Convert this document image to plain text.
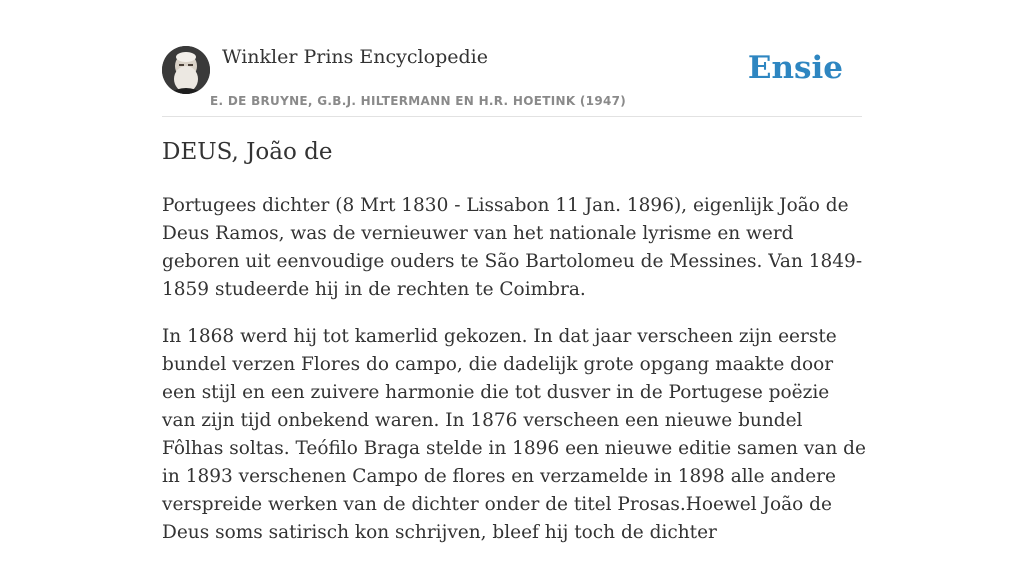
Winkler Prins Encyclopedie
E. DE BRUYNE, G.B.J. HILTERMANN EN H.R. HOETINK (1947)
Ensie
DEUS, João de

Portugees dichter (8 Mrt 1830 - Lissabon 11 Jan. 1896), eigenlijk João de Deus Ramos, was de vernieuwer van het nationale lyrisme en werd geboren uit eenvoudige ouders te São Bartolomeu de Messines. Van 1849-1859 studeerde hij in de rechten te Coimbra.

In 1868 werd hij tot kamerlid gekozen. In dat jaar verscheen zijn eerste bundel verzen Flores do campo, die dadelijk grote opgang maakte door een stijl en een zuivere harmonie die tot dusver in de Portugese poëzie van zijn tijd onbekend waren. In 1876 verscheen een nieuwe bundel Fôlhas soltas. Teófilo Braga stelde in 1896 een nieuwe editie samen van de in 1893 verschenen Campo de flores en verzamelde in 1898 alle andere verspreide werken van de dichter onder de titel Prosas.Hoewel João de Deus soms satirisch kon schrijven, bleef hij toch de dichter
